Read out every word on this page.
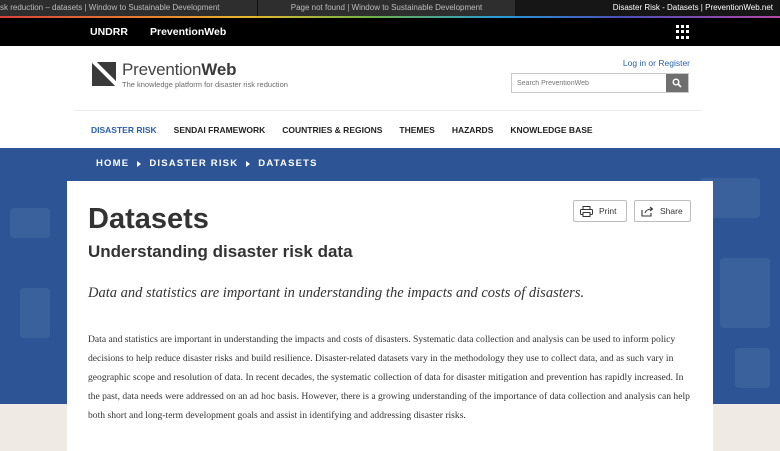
sk reduction – datasets | Window to Sustainable Development	Page not found | Window to Sustainable Development	Disaster Risk - Datasets | PreventionWeb.net
UNDRR PreventionWeb
PreventionWeb
The knowledge platform for disaster risk reduction
Log in or Register
Search PreventionWeb
DISASTER RISK SENDAI FRAMEWORK COUNTRIES & REGIONS THEMES HAZARDS KNOWLEDGE BASE
HOME DISASTER RISK DATASETS
Datasets
Understanding disaster risk data
Print	Share

Data and statistics are important in understanding the impacts and costs of disasters.

Data and statistics are important in understanding the impacts and costs of disasters. Systematic data collection and analysis can be used to inform policy decisions to help reduce disaster risks and build resilience. Disaster-related datasets vary in the methodology they use to collect data, and as such vary in geographic scope and resolution of data. In recent decades, the systematic collection of data for disaster mitigation and prevention has rapidly increased. In the past, data needs were addressed on an ad hoc basis. However, there is a growing understanding of the importance of data collection and analysis can help both short and long-term development goals and assist in identifying and addressing disaster risks.
